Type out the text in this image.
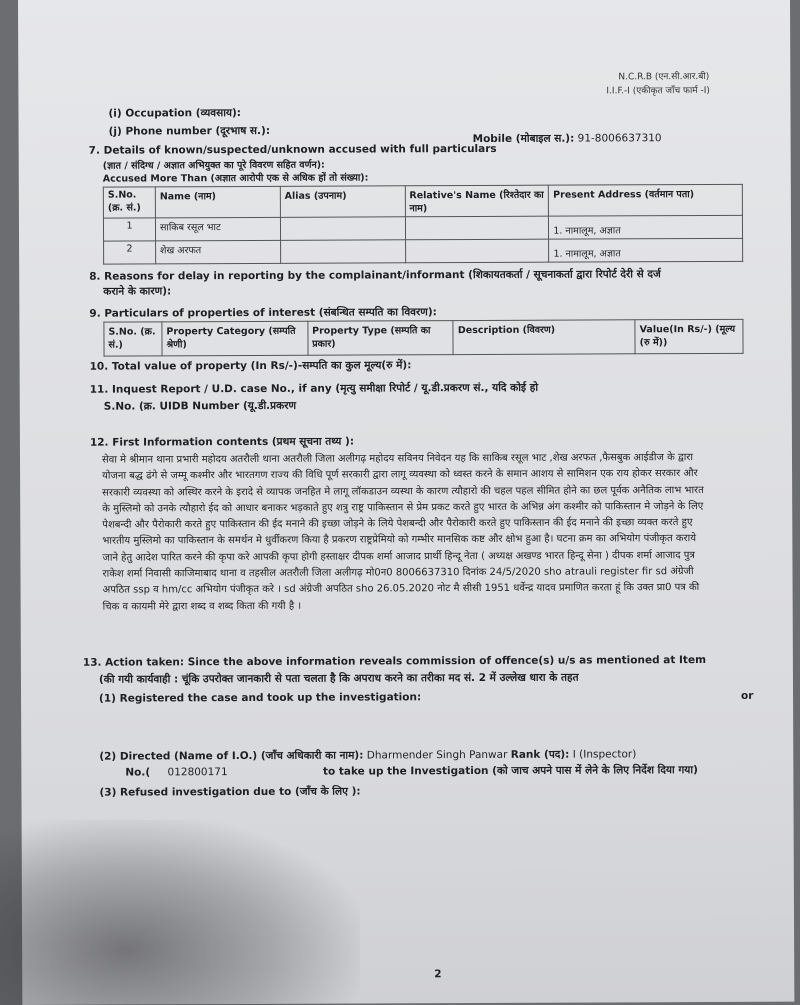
N.C.R.B (एन.सी.आर.बी)
I.I.F.-I (एकीकृत जाँच फार्म -I)
(i) Occupation (व्यवसाय):
(j) Phone number (दूरभाष स.):
Mobile (मोबाइल स.): 91-8006637310
7. Details of known/suspected/unknown accused with full particulars
(ज्ञात / संदिग्ध / अज्ञात अभियुक्त का पूरे विवरण सहित वर्णन):
Accused More Than (अज्ञात आरोपी एक से अधिक हों तो संख्या):
S.No.(क्र. सं.)	Name (नाम)	Alias (उपनाम)	Relative's Name (रिश्तेदार का नाम)	Present Address (वर्तमान पता)
1	साकिब रसूल भाट			1. नामालूम, अज्ञात
2	शेख अरफत			1. नामालूम, अज्ञात
8. Reasons for delay in reporting by the complainant/informant (शिकायतकर्ता / सूचनाकर्ता द्वारा रिपोर्ट देरी से दर्ज
कराने के कारण):
9. Particulars of properties of interest (संबन्धित सम्पति का विवरण):
S.No. (क्र. सं.)	Property Category (सम्पति श्रेणी)	Property Type (सम्पति का प्रकार)	Description (विवरण)	Value(In Rs/-) (मूल्य (रु में))
10. Total value of property (In Rs/-)-सम्पति का कुल मूल्य(रु में):
11. Inquest Report / U.D. case No., if any (मृत्यु समीक्षा रिपोर्ट / यू.डी.प्रकरण सं., यदि कोई हो
S.No. (क्र. UIDB Number (यू.डी.प्रकरण
12. First Information contents (प्रथम सूचना तथ्य ):
सेवा मे श्रीमान थाना प्रभारी महोदय अतरौली थाना अतरौली जिला अलीगढ़ महोदय सविनय निवेदन यह कि साकिब रसूल भाट ,शेख अरफत ,फैसबुक आईडीज के द्वारा योजना बद्ध ढंगे से जम्मू कश्मीर और भारतगण राज्य की विधि पूर्ण सरकारी द्वारा लागू व्यवस्था को ध्वस्त करने के समान आशय से सामिशन एक राय होकर सरकार और सरकारी व्यवस्था को अस्थिर करने के इरादे से व्यापक जनहित मे लागू लॉकडाउन व्यस्था के कारण त्यौहारो की चहल पहल सीमित होने का छल पूर्वक अनैतिक लाभ भारत के मुस्लिमो को उनके त्यौहारो ईद को आधार बनाकर भड़काते हुए शत्रु राष्ट्र पाकिस्तान से प्रेम प्रकट करते हुए भारत के अभिन्न अंग कश्मीर को पाकिस्तान मे जोड़ने के लिए पेशबन्दी और पैरोकारी करते हुए पाकिस्तान की ईद मनाने की इच्छा जोड़ने के लिये पेशबन्दी और पैरोकारी करते हुए पाकिस्तान की ईद मनाने की इच्छा व्यक्त करते हुए भारतीय मुस्लिमो का पाकिस्तान के समर्थन मे धुर्वीकरण किया है प्रकरण राष्ट्रप्रेमियो को गम्भीर मानसिक कष्ट और क्षोभ हुआ है। घटना क्रम का अभियोग पंजीकृत कराये जाने हेतु आदेश पारित करने की कृपा करे आपकी कृपा होगी हस्ताक्षर दीपक शर्मा आजाद प्रार्थी हिन्दू नेता ( अध्यक्ष अखण्ड भारत हिन्दू सेना ) दीपक शर्मा आजाद पुत्र राकेश शर्मा निवासी काजिमाबाद थाना व तहसील अतरौली जिला अलीगढ़ मो0न0 8006637310 दिनांक 24/5/2020 sho atrauli register fir sd अंग्रेजी अपठित ssp व hm/cc अभियोग पंजीकृत करे । sd अंग्रेजी अपठित sho 26.05.2020 नोट मै सीसी 1951 धर्वेन्द्र यादव प्रमाणित करता हूं कि उक्त प्रा0 पत्र की चिक व कायमी मेरे द्वारा शब्द व शब्द किता की गयी है ।
13. Action taken: Since the above information reveals commission of offence(s) u/s as mentioned at Item
(की गयी कार्यवाही : चूंकि उपरोक्त जानकारी से पता चलता है कि अपराध करने का तरीका मद सं. 2 में उल्लेख धारा के तहत
(1) Registered the case and took up the investigation:	or
(2) Directed (Name of I.O.) (जाँच अधिकारी का नाम): Dharmender Singh Panwar Rank (पद): I (Inspector)
No.( 012800171	to take up the Investigation (को जाच अपने पास में लेने के लिए निर्देश दिया गया)
(3) Refused investigation due to (जाँच के लिए ):
2
